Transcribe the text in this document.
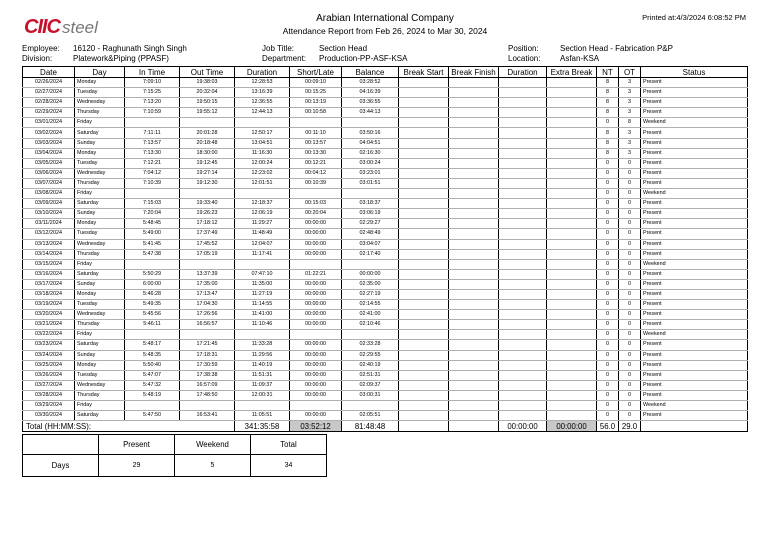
CIIC steel	Arabian International Company
Attendance Report from Feb 26, 2024 to Mar 30, 2024
Printed at:4/3/2024 6:08:52 PM
Employee: 16120 - Raghunath Singh Singh
Division:	Platework&Piping (PPASF)
Job Title:	Section Head
Department: Production-PP-ASF-KSA
Position:	Section Head - Fabrication P&P
Location: Asfan-KSA
Date	Day	In Time	Out Time	Duration	Short/Late	Balance	Break Start	Break Finish	Duration	Extra Break	NT	OT	Status
02/26/2024	Monday	7:09:10	19:38:03	12:28:53	00:09:10	03:28:52					8	3	Present
02/27/2024	Tuesday	7:15:25	20:32:04	13:16:39	00:15:25	04:16:39					8	3	Present
02/28/2024	Wednesday	7:13:20	19:50:15	12:36:55	00:13:19	03:36:55					8	3	Present
02/29/2024	Thursday	7:10:59	19:55:12	12:44:13	00:10:58	03:44:13					8	3	Present
03/01/2024	Friday										0	8	Weekend
03/02/2024	Saturday	7:11:11	20:01:28	12:50:17	00:11:10	03:50:16					8	3	Present
03/03/2024	Sunday	7:13:57	20:18:48	13:04:51	00:13:57	04:04:51					8	3	Present
03/04/2024	Monday	7:13:30	18:30:00	11:16:30	00:13:30	02:16:30					8	3	Present
03/05/2024	Tuesday	7:12:21	19:12:45	12:00:24	00:12:21	03:00:24					0	0	Present
03/06/2024	Wednesday	7:04:12	19:27:14	12:23:02	00:04:12	03:23:01					0	0	Present
03/07/2024	Thursday	7:10:39	19:12:30	12:01:51	00:10:39	03:01:51					0	0	Present
03/08/2024	Friday										0	0	Weekend
03/09/2024	Saturday	7:15:03	19:33:40	12:18:37	00:15:03	03:18:37					0	0	Present
03/10/2024	Sunday	7:20:04	19:26:23	12:06:19	00:20:04	03:06:19					0	0	Present
03/11/2024	Monday	5:48:45	17:18:12	11:29:27	00:00:00	02:29:27					0	0	Present
03/12/2024	Tuesday	5:49:00	17:37:49	11:48:49	00:00:00	02:48:49					0	0	Present
03/13/2024	Wednesday	5:41:45	17:45:52	12:04:07	00:00:00	03:04:07					0	0	Present
03/14/2024	Thursday	5:47:38	17:05:19	11:17:41	00:00:00	02:17:40					0	0	Present
03/15/2024	Friday										0	0	Weekend
03/16/2024	Saturday	5:50:29	13:37:39	07:47:10	01:22:21	00:00:00					0	0	Present
03/17/2024	Sunday	6:00:00	17:35:00	11:35:00	00:00:00	02:35:00					0	0	Present
03/18/2024	Monday	5:46:28	17:13:47	11:27:19	00:00:00	02:27:19					0	0	Present
03/19/2024	Tuesday	5:49:35	17:04:30	11:14:55	00:00:00	02:14:55					0	0	Present
03/20/2024	Wednesday	5:45:56	17:26:56	11:41:00	00:00:00	02:41:00					0	0	Present
03/21/2024	Thursday	5:46:11	16:56:57	11:10:46	00:00:00	02:10:46					0	0	Present
03/22/2024	Friday										0	0	Weekend
03/23/2024	Saturday	5:48:17	17:21:45	11:33:28	00:00:00	02:33:28					0	0	Present
03/24/2024	Sunday	5:48:35	17:18:31	11:29:56	00:00:00	02:29:55					0	0	Present
03/25/2024	Monday	5:50:40	17:30:59	11:40:19	00:00:00	02:40:19					0	0	Present
03/26/2024	Tuesday	5:47:07	17:38:38	11:51:31	00:00:00	02:51:31					0	0	Present
03/27/2024	Wednesday	5:47:32	16:57:09	11:09:37	00:00:00	02:09:37					0	0	Present
03/28/2024	Thursday	5:48:19	17:48:50	12:00:31	00:00:00	03:00:31					0	0	Present
03/29/2024	Friday										0	0	Weekend
03/30/2024	Saturday	5:47:50	16:53:41	11:05:51	00:00:00	02:05:51					0	0	Present
Total (HH:MM:SS):				341:35:58	03:52:12	81:48:48			00:00:00	00:00:00	56.0	29.0	
	Present	Weekend	Total	
Days	29	5	34	
